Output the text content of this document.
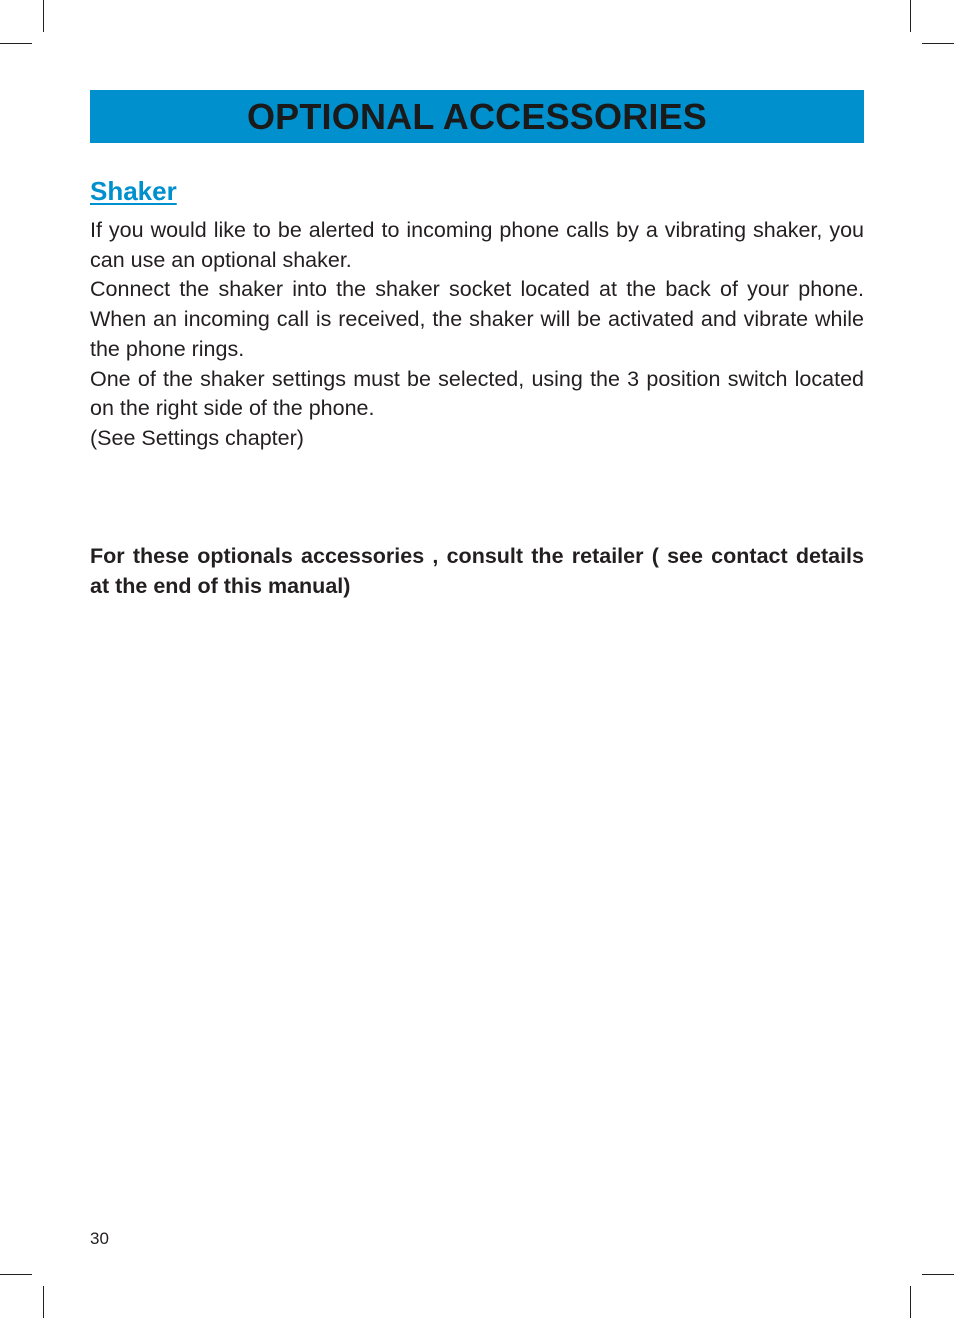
OPTIONAL ACCESSORIES
Shaker

If you would like to be alerted to incoming phone calls by a vibrating shaker, you can use an optional shaker.

Connect the shaker into the shaker socket located at the back of your phone. When an incoming call is received, the shaker will be activated and vibrate while the phone rings.

One of the shaker settings must be selected, using the 3 position switch located on the right side of the phone.

(See Settings chapter)

For these optionals accessories , consult the retailer ( see contact details at the end of this manual)

30
